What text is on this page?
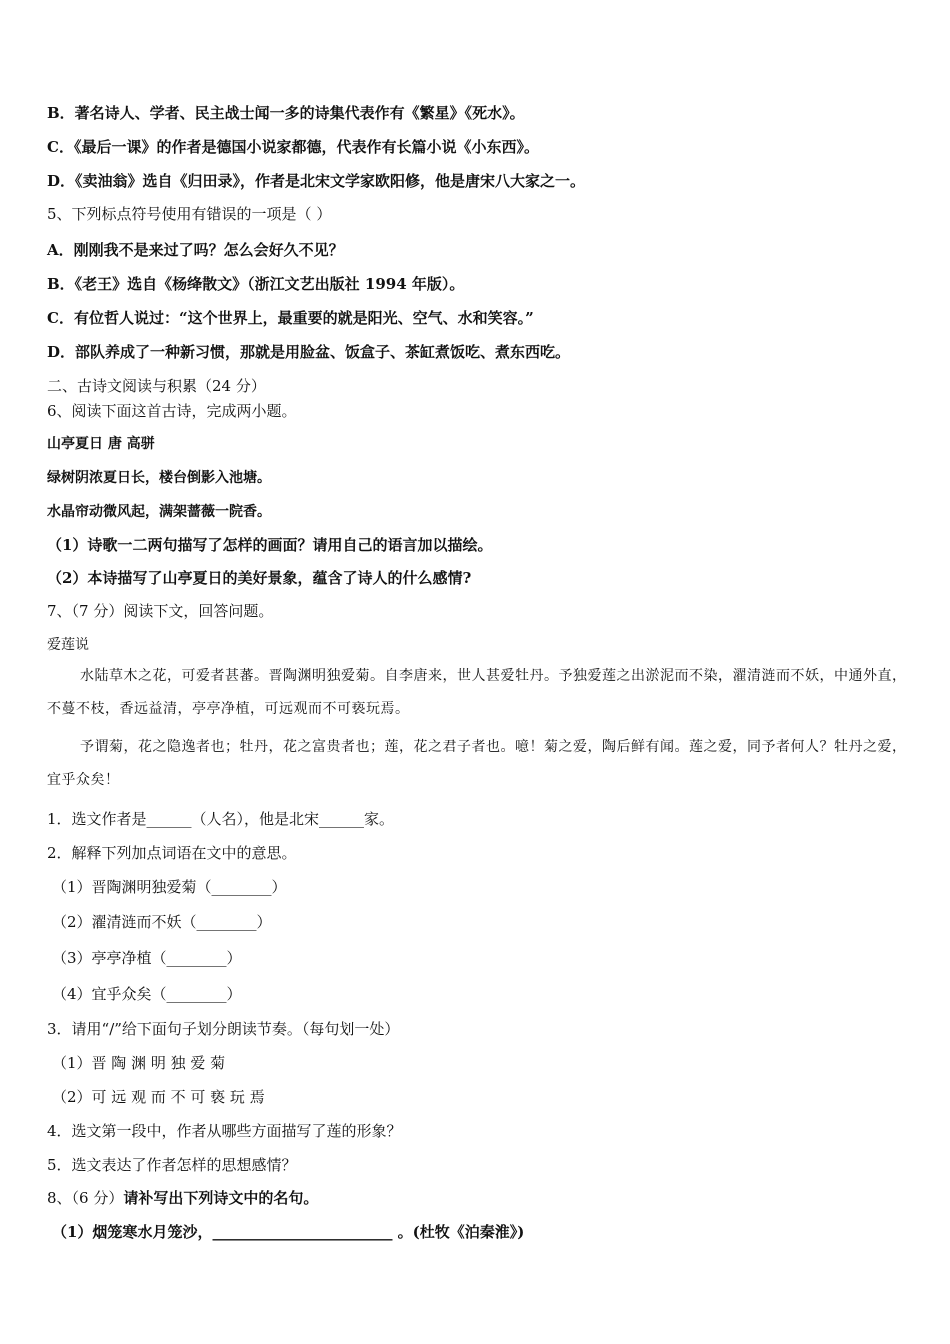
B．著名诗人、学者、民主战士闻一多的诗集代表作有《繁星》《死水》。
C．《最后一课》的作者是德国小说家都德，代表作有长篇小说《小东西》。
D．《卖油翁》选自《归田录》，作者是北宋文学家欧阳修，他是唐宋八大家之一。
5、下列标点符号使用有错误的一项是（ ）
A．刚刚我不是来过了吗？怎么会好久不见？
B．《老王》选自《杨绛散文》（浙江文艺出版社 1994 年版）。
C．有位哲人说过：“这个世界上，最重要的就是阳光、空气、水和笑容。”
D．部队养成了一种新习惯，那就是用脸盆、饭盒子、茶缸煮饭吃、煮东西吃。
二、古诗文阅读与积累（24 分）
6、阅读下面这首古诗，完成两小题。
山亭夏日 唐 高骈
绿树阴浓夏日长，楼台倒影入池塘。
水晶帘动微风起，满架蔷薇一院香。
（1）诗歌一二两句描写了怎样的画面？请用自己的语言加以描绘。
（2）本诗描写了山亭夏日的美好景象，蕴含了诗人的什么感情?
7、（7 分）阅读下文，回答问题。
爱莲说
水陆草木之花，可爱者甚蕃。晋陶渊明独爱菊。自李唐来，世人甚爱牡丹。予独爱莲之出淤泥而不染，濯清涟而不妖，中通外直，不蔓不枝，香远益清，亭亭净植，可远观而不可亵玩焉。
予谓菊，花之隐逸者也；牡丹，花之富贵者也；莲，花之君子者也。噫！菊之爱，陶后鲜有闻。莲之爱，同予者何人？牡丹之爱，宜乎众矣！
1．选文作者是______（人名），他是北宋______家。
2．解释下列加点词语在文中的意思。
（1）晋陶渊明独爱菊（________）
（2）濯清涟而不妖（________）
（3）亭亭净植（________）
（4）宜乎众矣（________）
3．请用“/”给下面句子划分朗读节奏。（每句划一处）
（1）晋 陶 渊 明 独 爱 菊
（2）可 远 观 而 不 可 亵 玩 焉
4．选文第一段中，作者从哪些方面描写了莲的形象？
5．选文表达了作者怎样的思想感情？
8、（6 分）请补写出下列诗文中的名句。
（1）烟笼寒水月笼沙，________________________ 。(杜牧《泊秦淮》)
